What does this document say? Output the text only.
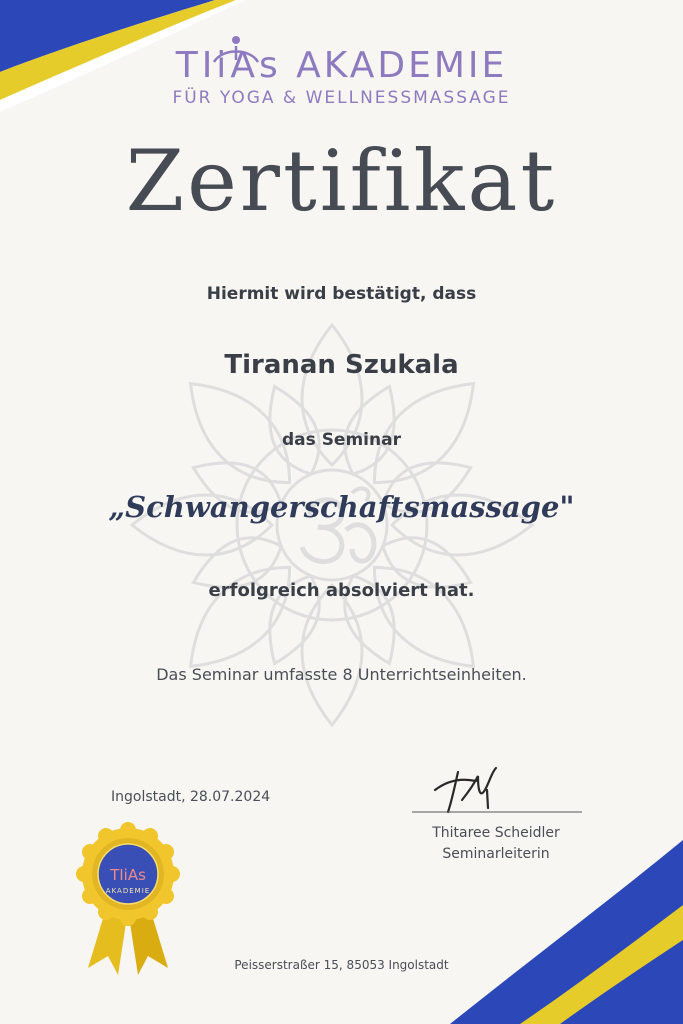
TIiAs
AKADEMIE
TIiAs AKADEMIE
FÜR YOGA & WELLNESSMASSAGE
Zertifikat
Hiermit wird bestätigt, dass
Tiranan Szukala
das Seminar
„Schwangerschaftsmassage"
erfolgreich absolviert hat.
Das Seminar umfasste 8 Unterrichtseinheiten.
Ingolstadt, 28.07.2024
Thitaree Scheidler
Seminarleiterin
Peisserstraßer 15, 85053 Ingolstadt
